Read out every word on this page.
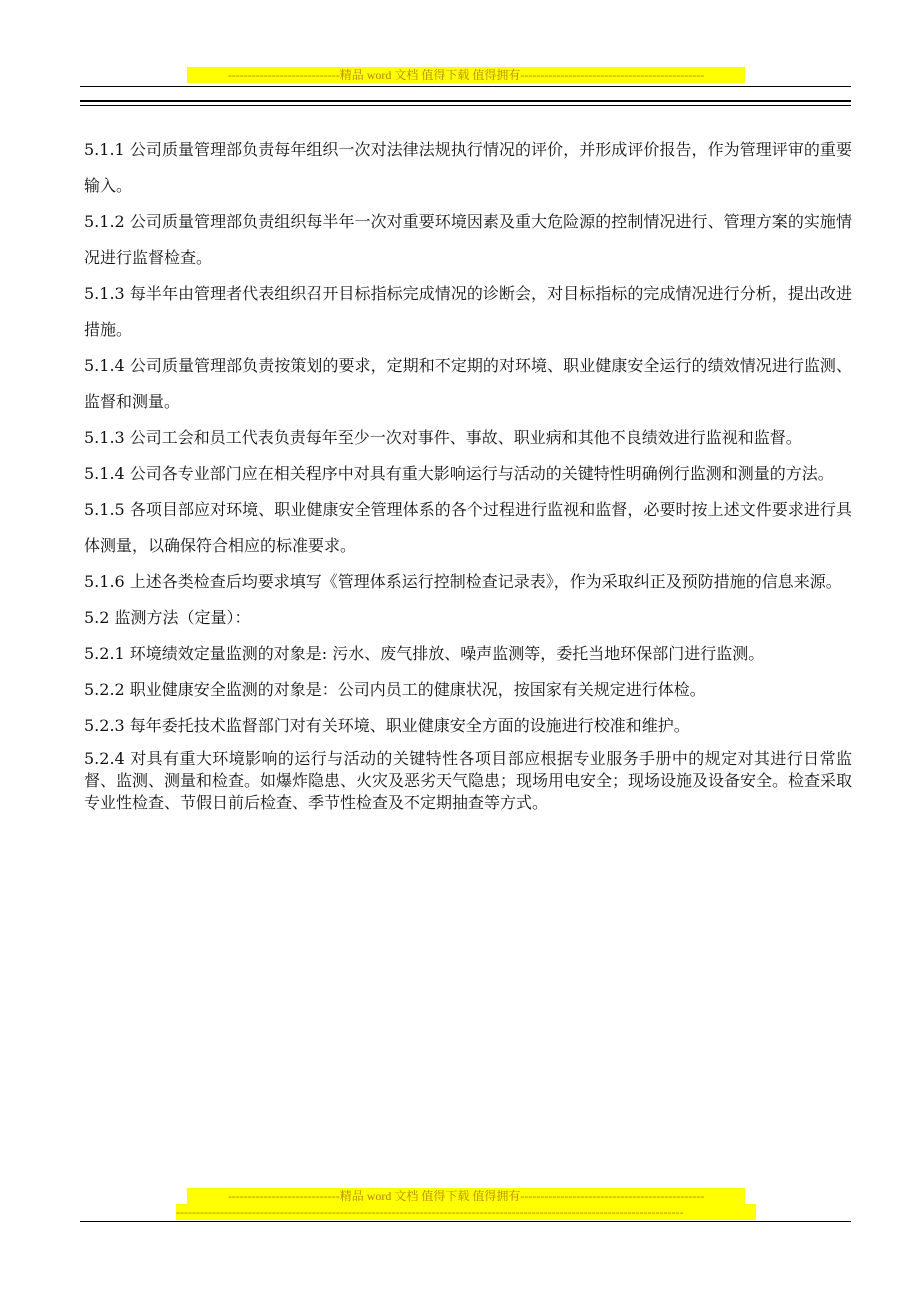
----------------------------精品 word 文档 值得下载 值得拥有----------------------------------------------

5.1.1 公司质量管理部负责每年组织一次对法律法规执行情况的评价，并形成评价报告，作为管理评审的重要输入。

5.1.2 公司质量管理部负责组织每半年一次对重要环境因素及重大危险源的控制情况进行、管理方案的实施情况进行监督检查。

5.1.3 每半年由管理者代表组织召开目标指标完成情况的诊断会，对目标指标的完成情况进行分析，提出改进措施。

5.1.4 公司质量管理部负责按策划的要求，定期和不定期的对环境、职业健康安全运行的绩效情况进行监测、监督和测量。

5.1.3 公司工会和员工代表负责每年至少一次对事件、事故、职业病和其他不良绩效进行监视和监督。

5.1.4 公司各专业部门应在相关程序中对具有重大影响运行与活动的关键特性明确例行监测和测量的方法。

5.1.5 各项目部应对环境、职业健康安全管理体系的各个过程进行监视和监督，必要时按上述文件要求进行具体测量，以确保符合相应的标准要求。

5.1.6 上述各类检查后均要求填写《管理体系运行控制检查记录表》，作为采取纠正及预防措施的信息来源。

5.2 监测方法（定量）：

5.2.1 环境绩效定量监测的对象是: 污水、废气排放、噪声监测等，委托当地环保部门进行监测。

5.2.2 职业健康安全监测的对象是：公司内员工的健康状况，按国家有关规定进行体检。

5.2.3 每年委托技术监督部门对有关环境、职业健康安全方面的设施进行校准和维护。

5.2.4 对具有重大环境影响的运行与活动的关键特性各项目部应根据专业服务手册中的规定对其进行日常监督、监测、测量和检查。如爆炸隐患、火灾及恶劣天气隐患；现场用电安全；现场设施及设备安全。检查采取专业性检查、节假日前后检查、季节性检查及不定期抽查等方式。

----------------------------精品 word 文档 值得下载 值得拥有----------------------------------------------
-------------------------------------------------------------------------------------------------------------------------------
